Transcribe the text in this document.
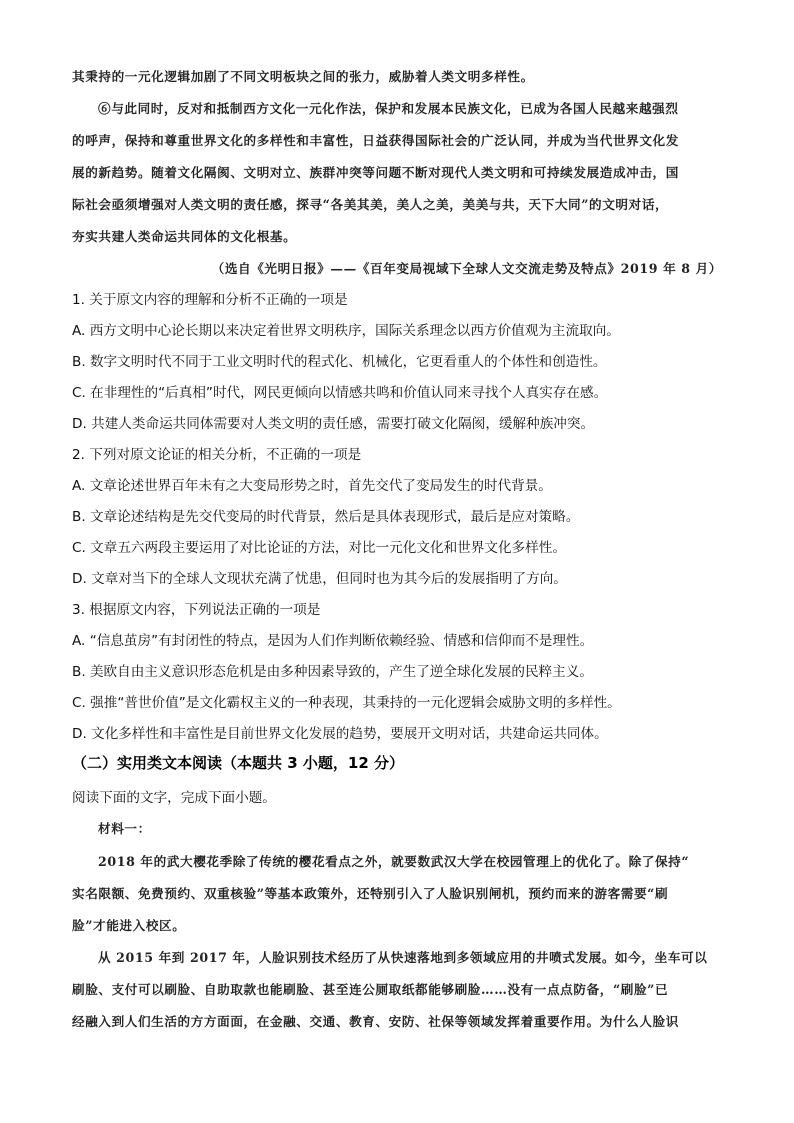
其秉持的一元化逻辑加剧了不同文明板块之间的张力，威胁着人类文明多样性。
⑥与此同时，反对和抵制西方文化一元化作法，保护和发展本民族文化，已成为各国人民越来越强烈
的呼声，保持和尊重世界文化的多样性和丰富性，日益获得国际社会的广泛认同，并成为当代世界文化发
展的新趋势。随着文化隔阂、文明对立、族群冲突等问题不断对现代人类文明和可持续发展造成冲击，国
际社会亟须增强对人类文明的责任感，探寻“各美其美，美人之美，美美与共，天下大同”的文明对话，
夯实共建人类命运共同体的文化根基。
（选自《光明日报》——《百年变局视域下全球人文交流走势及特点》2019 年 8 月）
1. 关于原文内容的理解和分析不正确的一项是
A. 西方文明中心论长期以来决定着世界文明秩序，国际关系理念以西方价值观为主流取向。
B. 数字文明时代不同于工业文明时代的程式化、机械化，它更看重人的个体性和创造性。
C. 在非理性的“后真相”时代，网民更倾向以情感共鸣和价值认同来寻找个人真实存在感。
D. 共建人类命运共同体需要对人类文明的责任感，需要打破文化隔阂，缓解种族冲突。
2. 下列对原文论证的相关分析，不正确的一项是
A. 文章论述世界百年未有之大变局形势之时，首先交代了变局发生的时代背景。
B. 文章论述结构是先交代变局的时代背景，然后是具体表现形式，最后是应对策略。
C. 文章五六两段主要运用了对比论证的方法，对比一元化文化和世界文化多样性。
D. 文章对当下的全球人文现状充满了忧患，但同时也为其今后的发展指明了方向。
3. 根据原文内容，下列说法正确的一项是
A. “信息茧房”有封闭性的特点，是因为人们作判断依赖经验、情感和信仰而不是理性。
B. 美欧自由主义意识形态危机是由多种因素导致的，产生了逆全球化发展的民粹主义。
C. 强推“普世价值”是文化霸权主义的一种表现，其秉持的一元化逻辑会威胁文明的多样性。
D. 文化多样性和丰富性是目前世界文化发展的趋势，要展开文明对话，共建命运共同体。
（二）实用类文本阅读（本题共 3 小题，12 分）
阅读下面的文字，完成下面小题。
材料一：
2018 年的武大樱花季除了传统的樱花看点之外，就要数武汉大学在校园管理上的优化了。除了保持“
实名限额、免费预约、双重核验”等基本政策外，还特别引入了人脸识别闸机，预约而来的游客需要“刷
脸”才能进入校区。
从 2015 年到 2017 年，人脸识别技术经历了从快速落地到多领域应用的井喷式发展。如今，坐车可以
刷脸、支付可以刷脸、自助取款也能刷脸、甚至连公厕取纸都能够刷脸……没有一点点防备，“刷脸”已
经融入到人们生活的方方面面，在金融、交通、教育、安防、社保等领域发挥着重要作用。为什么人脸识
